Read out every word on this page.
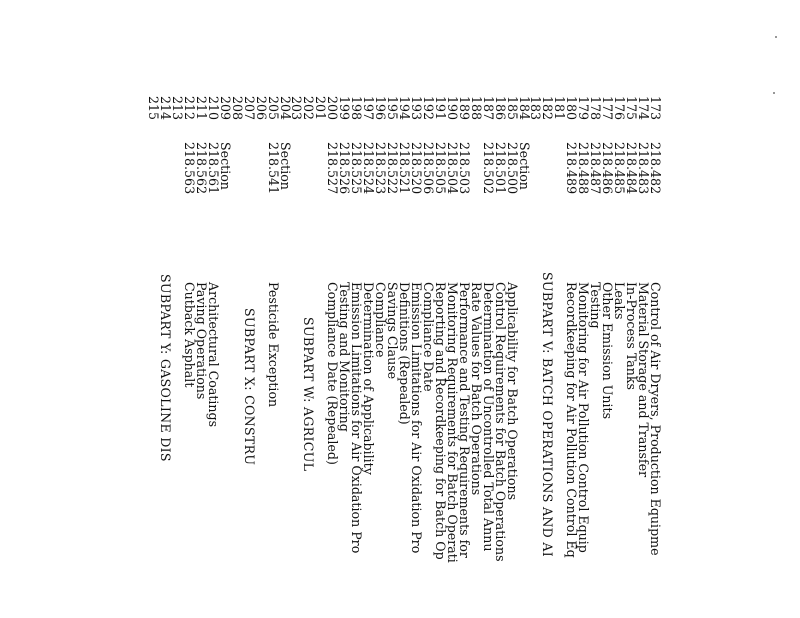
173
218.482
Control of Air Dryers, Production Equipme
174
218.483
Material Storage and Transfer
175
218.484
In-Process Tanks
176
218.485
Leaks
177
218.486
Other Emission Units
178
218.487
Testing
179
218.488
Monitoring for Air Pollution Control Equip
180
218.489
Recordkeeping for Air Pollution Control Eq
181
182
SUBPART V: BATCH OPERATIONS AND AI
183
184
Section
185
218.500
Applicability for Batch Operations
186
218.501
Control Requirements for Batch Operations
187
218.502
Determination of Uncontrolled Total Annu
188
Rate Values for Batch Operations
189
218.503
Performance and Testing Requirements for
190
218.504
Monitoring Requirements for Batch Operati
191
218.505
Reporting and Recordkeeping for Batch Op
192
218.506
Compliance Date
193
218.520
Emission Limitations for Air Oxidation Pro
194
218.521
Definitions (Repealed)
195
218.522
Savings Clause
196
218.523
Compliance
197
218.524
Determination of Applicability
198
218.525
Emission Limitations for Air Oxidation Pro
199
218.526
Testing and Monitoring
200
218.527
Compliance Date (Repealed)
201
202
SUBPART W: AGRICUL
203
204
Section
205
218.541
Pesticide Exception
206
207
SUBPART X: CONSTRU
208
209
Section
210
218.561
Architectural Coatings
211
218.562
Paving Operations
212
218.563
Cutback Asphalt
213
214
SUBPART Y: GASOLINE DIS
215
